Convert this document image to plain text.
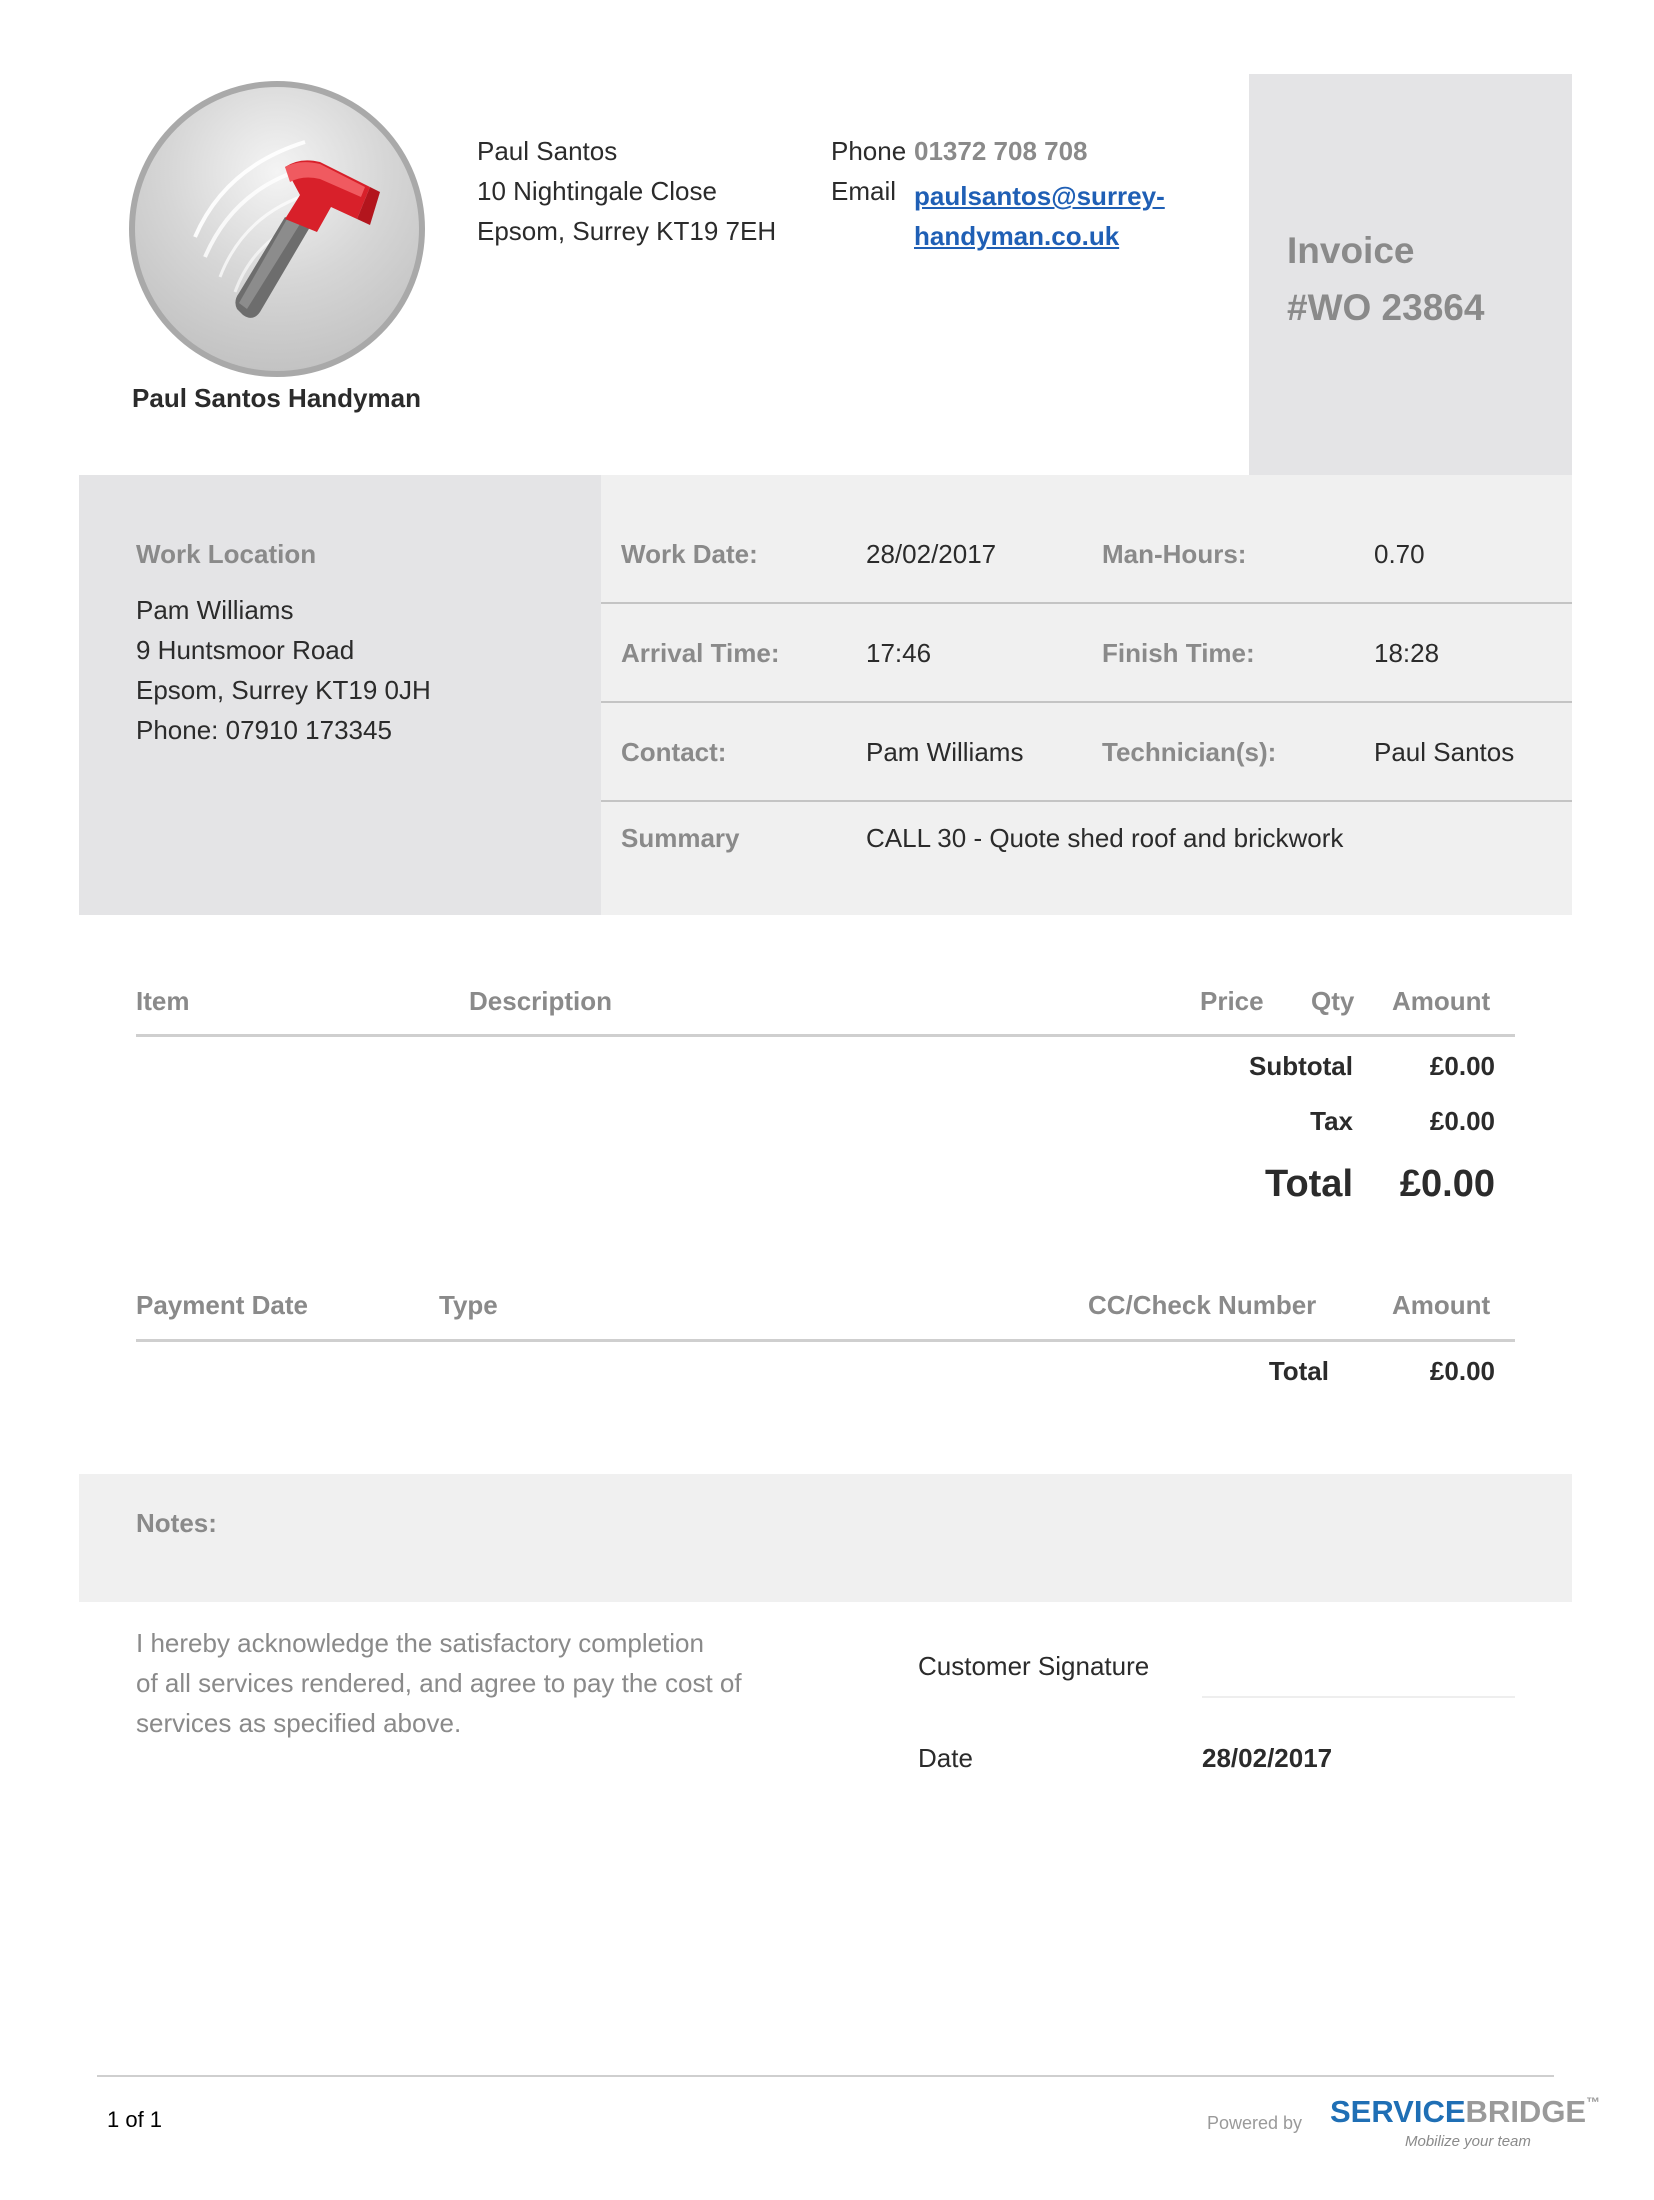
Paul Santos Handyman
Paul Santos
10 Nightingale Close
Epsom, Surrey KT19 7EH
Phone 01372 708 708
Email paulsantos@surrey-
handyman.co.uk	Invoice
#WO 23864
Work Location
Pam Williams
9 Huntsmoor Road
Epsom, Surrey KT19 0JH
Phone: 07910 173345
Work Date:	28/02/2017	Man-Hours:	0.70
Arrival Time:	17:46	Finish Time:	18:28
Contact:	Pam Williams	Technician(s):	Paul Santos
Summary	CALL 30 - Quote shed roof and brickwork
Item	Description	Price Qty Amount
Subtotal	£0.00
Tax	£0.00
Total	£0.00
Payment Date	Type	CC/Check Number	Amount
Total	£0.00
Notes:
I hereby acknowledge the satisfactory completion
of all services rendered, and agree to pay the cost of
services as specified above.
Customer Signature
Date	28/02/2017
1 of 1	Powered by SERVICEBRIDGE™
Mobilize your team
